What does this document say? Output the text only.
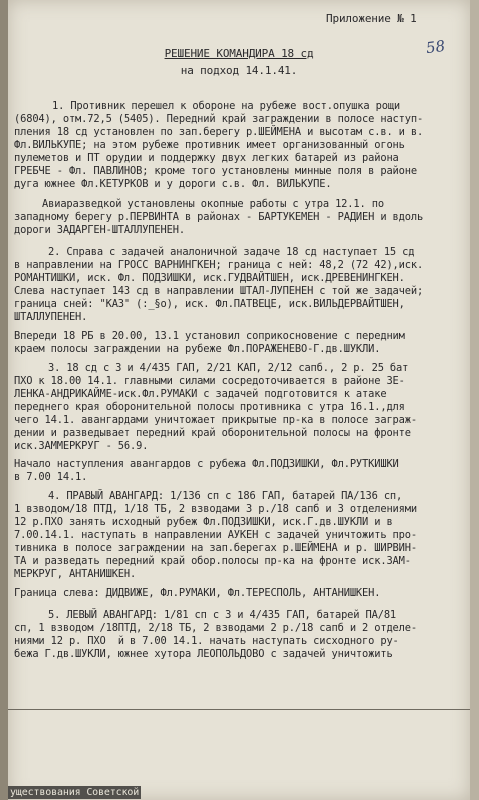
Приложение № 1
58
РЕШЕНИЕ КОМАНДИРА 18 сд
на подход 14.1.41.
1. Противник перешел к обороне на рубеже вост.опушка рощи
(6804), отм.72,5 (5405). Передний край заграждении в полосе наступ-
пления 18 сд установлен по зап.берегу р.ШЕЙМЕНА и высотам с.в. и в.
Фл.ВИЛЬКУПЕ; на этом рубеже противник имеет организованный огонь
пулеметов и ПТ орудии и поддержку двух легких батарей из района
ГРЕБЧЕ - Фл. ПАВЛИНОВ; кроме того установлены минные поля в районе
дуга южнее Фл.КЕТУРКОВ и у дороги с.в. Фл. ВИЛЬКУПЕ.
Авиаразведкой установлены окопные работы с утра 12.1. по
западному берегу р.ПЕРВИНТА в районах - БАРТУКЕМЕН - РАДИЕН и вдоль
дороги ЗАДАРГЕН-ШТАЛЛУПЕНЕН.
2. Справа с задачей аналоничной задаче 18 сд наступает 15 сд
в направлении на ГРОСС ВАРНИНГКЕН; граница с ней: 48,2 (72 42),иск.
РОМАНТИШКИ, иск. Фл. ПОДЗИШКИ, иск.ГУДВАЙТШЕН, иск.ДРЕВЕНИНГКЕН.
Слева наступает 143 сд в направлении ШТАЛ-ЛУПЕНЕН с той же задачей;
граница сней: "КАЗ" (:_§о), иск. Фл.ПАТВЕЦЕ, иск.ВИЛЬДЕРВАЙТШЕН,
ШТАЛЛУПЕНЕН.
Впереди 18 РБ в 20.00, 13.1 установил соприкосновение с передним
краем полосы заграждении на рубеже Фл.ПОРАЖЕНЕВО-Г.дв.ШУКЛИ.
3. 18 сд с 3 и 4/435 ГАП, 2/21 КАП, 2/12 сапб., 2 р. 25 бат
ПХО к 18.00 14.1. главными силами сосредоточивается в районе ЗЕ-
ЛЕНКА-АНДРИКАЙМЕ-иск.Фл.РУМАКИ с задачей подготовится к атаке
переднего края оборонительной полосы противника с утра 16.1.,для
чего 14.1. авангардами уничтожает прикрытые пр-ка в полосе заграж-
дении и разведывает передний край оборонительной полосы на фронте
иск.ЗАММЕРКРУГ - 56.9.
Начало наступления авангардов с рубежа Фл.ПОДЗИШКИ, Фл.РУТКИШКИ
в 7.00 14.1.
4. ПРАВЫЙ АВАНГАРД: 1/136 сп с 186 ГАП, батарей ПА/136 сп,
1 взводом/18 ПТД, 1/18 ТБ, 2 взводами 3 р./18 сапб и 3 отделениями
12 р.ПХО занять исходный рубеж Фл.ПОДЗИШКИ, иск.Г.дв.ШУКЛИ и в
7.00.14.1. наступать в направлении АУКЕН с задачей уничтожить про-
тивника в полосе заграждении на зап.берегах р.ШЕЙМЕНА и р. ШИРВИН-
ТА и разведать передний край обор.полосы пр-ка на фронте иск.ЗАМ-
МЕРКРУГ, АНТАНИШКЕН.
Граница слева: ДИДВИЖЕ, Фл.РУМАКИ, Фл.ТЕРЕСПОЛЬ, АНТАНИШКЕН.
5. ЛЕВЫЙ АВАНГАРД: 1/81 сп с 3 и 4/435 ГАП, батарей ПА/81
сп, 1 взводом /18ПТД, 2/18 ТБ, 2 взводами 2 р./18 сапб и 2 отделе-
ниями 12 р. ПХО  й в 7.00 14.1. начать наступать сисходного ру-
бежа Г.дв.ШУКЛИ, южнее хутора ЛЕОПОЛЬДОВО с задачей уничтожить
уществования Советской
